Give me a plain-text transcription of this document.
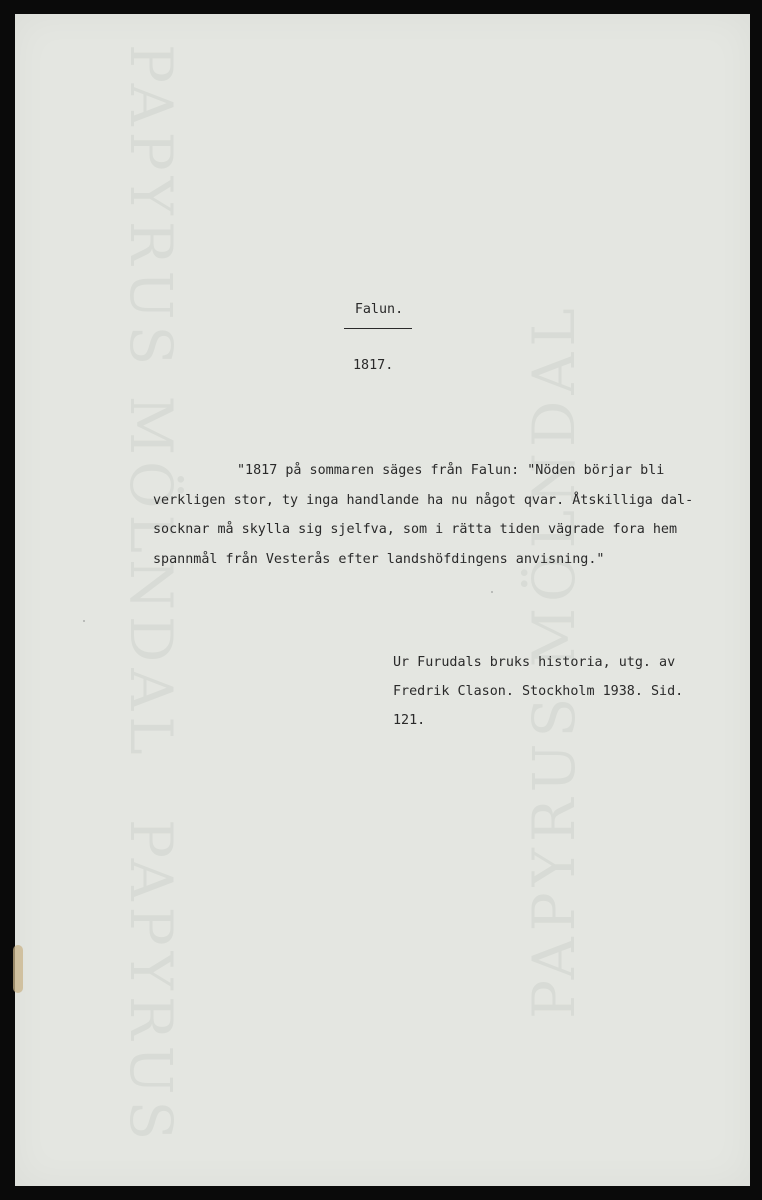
PAPYRUS MÖLNDAL
PAPYRUS	PAPYRUS MÖLNDAL
Falun.
1817.
"1817 på sommaren säges från Falun: "Nöden börjar bli
verkligen stor, ty inga handlande ha nu något qvar. Åtskilliga dal-
socknar må skylla sig sjelfva, som i rätta tiden vägrade fora hem
spannmål från Vesterås efter landshöfdingens anvisning."
Ur Furudals bruks historia, utg. av
Fredrik Clason. Stockholm 1938. Sid.
121.
